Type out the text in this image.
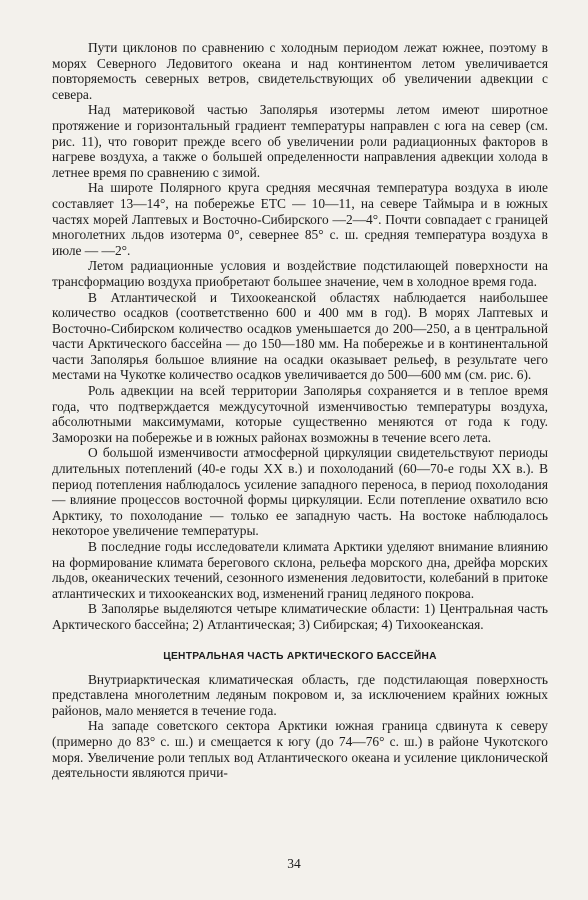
Пути циклонов по сравнению с холодным периодом лежат южнее, поэтому в морях Северного Ледовитого океана и над континентом летом увеличивается повторяемость северных ветров, свидетельствующих об увеличении адвекции с севера.

Над материковой частью Заполярья изотермы летом имеют широтное протяжение и горизонтальный градиент температуры направлен с юга на север (см. рис. 11), что говорит прежде всего об увеличении роли радиационных факторов в нагреве воздуха, а также о большей определенности направления адвекции холода в летнее время по сравнению с зимой.

На широте Полярного круга средняя месячная температура воздуха в июле составляет 13—14°, на побережье ЕТС — 10—11, на севере Таймыра и в южных частях морей Лаптевых и Восточно-Сибирского —2—4°. Почти совпадает с границей многолетних льдов изотерма 0°, севернее 85° с. ш. средняя температура воздуха в июле — —2°.

Летом радиационные условия и воздействие подстилающей поверхности на трансформацию воздуха приобретают большее значение, чем в холодное время года.

В Атлантической и Тихоокеанской областях наблюдается наибольшее количество осадков (соответственно 600 и 400 мм в год). В морях Лаптевых и Восточно-Сибирском количество осадков уменьшается до 200—250, а в центральной части Арктического бассейна — до 150—180 мм. На побережье и в континентальной части Заполярья большое влияние на осадки оказывает рельеф, в результате чего местами на Чукотке количество осадков увеличивается до 500—600 мм (см. рис. 6).

Роль адвекции на всей территории Заполярья сохраняется и в теплое время года, что подтверждается междусуточной изменчивостью температуры воздуха, абсолютными максимумами, которые существенно меняются от года к году. Заморозки на побережье и в южных районах возможны в течение всего лета.

О большой изменчивости атмосферной циркуляции свидетельствуют периоды длительных потеплений (40-е годы XX в.) и похолоданий (60—70-е годы XX в.). В период потепления наблюдалось усиление западного переноса, в период похолодания — влияние процессов восточной формы циркуляции. Если потепление охватило всю Арктику, то похолодание — только ее западную часть. На востоке наблюдалось некоторое увеличение температуры.

В последние годы исследователи климата Арктики уделяют внимание влиянию на формирование климата берегового склона, рельефа морского дна, дрейфа морских льдов, океанических течений, сезонного изменения ледовитости, колебаний в притоке атлантических и тихоокеанских вод, изменений границ ледяного покрова.

В Заполярье выделяются четыре климатические области: 1) Центральная часть Арктического бассейна; 2) Атлантическая; 3) Сибирская; 4) Тихоокеанская.

ЦЕНТРАЛЬНАЯ ЧАСТЬ АРКТИЧЕСКОГО БАССЕЙНА

Внутриарктическая климатическая область, где подстилающая поверхность представлена многолетним ледяным покровом и, за исключением крайних южных районов, мало меняется в течение года.

На западе советского сектора Арктики южная граница сдвинута к северу (примерно до 83° с. ш.) и смещается к югу (до 74—76° с. ш.) в районе Чукотского моря. Увеличение роли теплых вод Атлантического океана и усиление циклонической деятельности являются причи-

34
